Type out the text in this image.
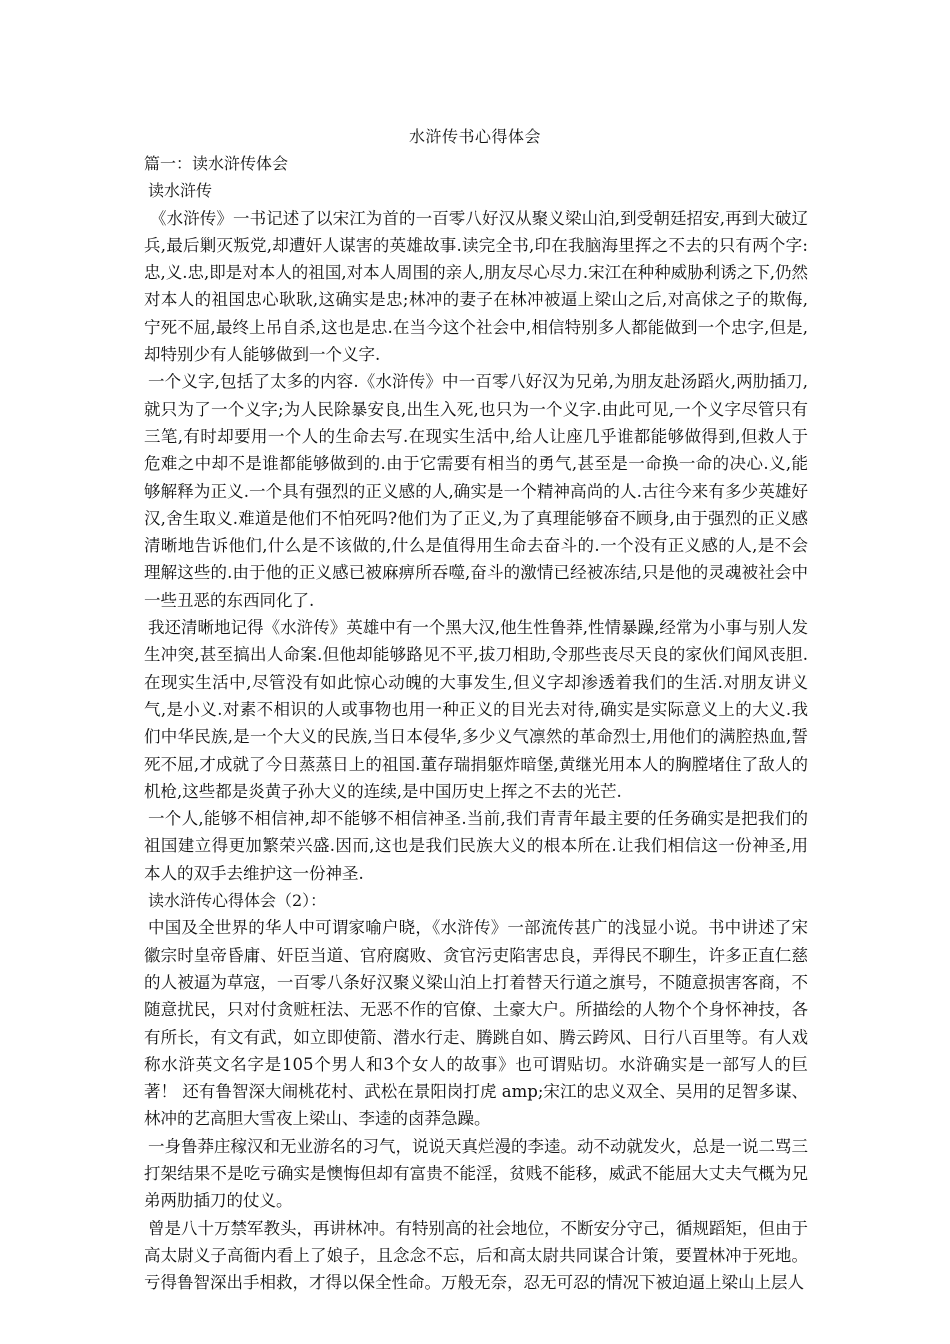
水浒传书心得体会

篇一：读水浒传体会

读水浒传

《水浒传》一书记述了以宋江为首的一百零八好汉从聚义梁山泊,到受朝廷招安,再到大破辽兵,最后剿灭叛党,却遭奸人谋害的英雄故事.读完全书,印在我脑海里挥之不去的只有两个字:忠,义.忠,即是对本人的祖国,对本人周围的亲人,朋友尽心尽力.宋江在种种威胁利诱之下,仍然对本人的祖国忠心耿耿,这确实是忠;林冲的妻子在林冲被逼上梁山之后,对高俅之子的欺侮,宁死不屈,最终上吊自杀,这也是忠.在当今这个社会中,相信特别多人都能做到一个忠字,但是,却特别少有人能够做到一个义字.

一个义字,包括了太多的内容.《水浒传》中一百零八好汉为兄弟,为朋友赴汤蹈火,两肋插刀,就只为了一个义字;为人民除暴安良,出生入死,也只为一个义字.由此可见,一个义字尽管只有三笔,有时却要用一个人的生命去写.在现实生活中,给人让座几乎谁都能够做得到,但救人于危难之中却不是谁都能够做到的.由于它需要有相当的勇气,甚至是一命换一命的决心.义,能够解释为正义.一个具有强烈的正义感的人,确实是一个精神高尚的人.古往今来有多少英雄好汉,舍生取义.难道是他们不怕死吗?他们为了正义,为了真理能够奋不顾身,由于强烈的正义感清晰地告诉他们,什么是不该做的,什么是值得用生命去奋斗的.一个没有正义感的人,是不会理解这些的.由于他的正义感已被麻痹所吞噬,奋斗的激情已经被冻结,只是他的灵魂被社会中一些丑恶的东西同化了.

我还清晰地记得《水浒传》英雄中有一个黑大汉,他生性鲁莽,性情暴躁,经常为小事与别人发生冲突,甚至搞出人命案.但他却能够路见不平,拔刀相助,令那些丧尽天良的家伙们闻风丧胆.在现实生活中,尽管没有如此惊心动魄的大事发生,但义字却渗透着我们的生活.对朋友讲义气,是小义.对素不相识的人或事物也用一种正义的目光去对待,确实是实际意义上的大义.我们中华民族,是一个大义的民族,当日本侵华,多少义气凛然的革命烈士,用他们的满腔热血,誓死不屈,才成就了今日蒸蒸日上的祖国.董存瑞捐躯炸暗堡,黄继光用本人的胸膛堵住了敌人的机枪,这些都是炎黄子孙大义的连续,是中国历史上挥之不去的光芒.

一个人,能够不相信神,却不能够不相信神圣.当前,我们青青年最主要的任务确实是把我们的祖国建立得更加繁荣兴盛.因而,这也是我们民族大义的根本所在.让我们相信这一份神圣,用本人的双手去维护这一份神圣.

读水浒传心得体会（2）：

中国及全世界的华人中可谓家喻户晓，《水浒传》一部流传甚广的浅显小说。书中讲述了宋徽宗时皇帝昏庸、奸臣当道、官府腐败、贪官污吏陷害忠良，弄得民不聊生，许多正直仁慈的人被逼为草寇，一百零八条好汉聚义梁山泊上打着替天行道之旗号，不随意损害客商，不随意扰民，只对付贪赃枉法、无恶不作的官僚、土豪大户。所描绘的人物个个身怀神技，各有所长，有文有武，如立即使箭、潜水行走、腾跳自如、腾云跨风、日行八百里等。有人戏称水浒英文名字是105个男人和3个女人的故事》也可谓贴切。水浒确实是一部写人的巨著！ 还有鲁智深大闹桃花村、武松在景阳岗打虎 amp;宋江的忠义双全、吴用的足智多谋、林冲的艺高胆大雪夜上梁山、李逵的卤莽急躁。

一身鲁莽庄稼汉和无业游名的习气，说说天真烂漫的李逵。动不动就发火，总是一说二骂三打架结果不是吃亏确实是懊悔但却有富贵不能淫，贫贱不能移，威武不能屈大丈夫气概为兄弟两肋插刀的仗义。

曾是八十万禁军教头，再讲林冲。有特别高的社会地位，不断安分守己，循规蹈矩，但由于高太尉义子高衙内看上了娘子，且念念不忘，后和高太尉共同谋合计策，要置林冲于死地。亏得鲁智深出手相救，才得以保全性命。万般无奈，忍无可忍的情况下被迫逼上梁山上层人
